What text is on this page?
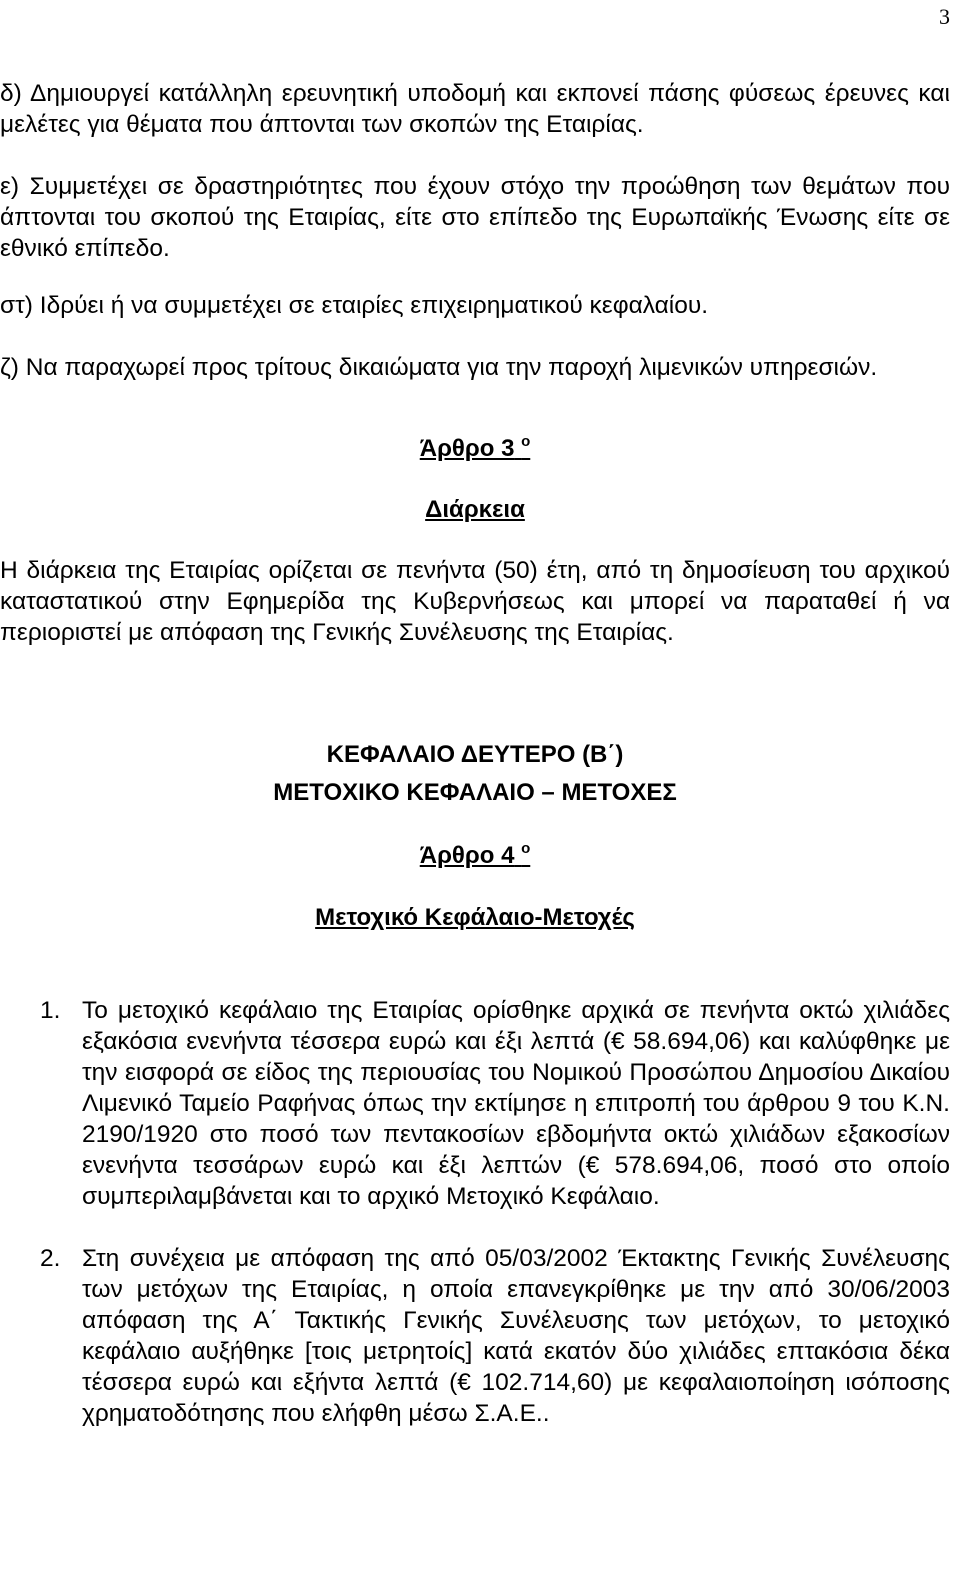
3

δ) Δημιουργεί κατάλληλη ερευνητική υποδομή και εκπονεί πάσης φύσεως έρευνες και μελέτες για θέματα που άπτονται των σκοπών της Εταιρίας.

ε) Συμμετέχει σε δραστηριότητες που έχουν στόχο την προώθηση των θεμάτων που άπτονται του σκοπού της Εταιρίας, είτε στο επίπεδο της Ευρωπαϊκής Ένωσης είτε σε εθνικό επίπεδο.

στ) Ιδρύει ή να συμμετέχει σε εταιρίες επιχειρηματικού κεφαλαίου.

ζ) Να παραχωρεί προς τρίτους δικαιώματα για την παροχή λιμενικών υπηρεσιών.

Άρθρο 3 $^o$

Διάρκεια

Η διάρκεια της Εταιρίας ορίζεται σε πενήντα (50) έτη, από τη δημοσίευση του αρχικού καταστατικού στην Εφημερίδα της Κυβερνήσεως και μπορεί να παραταθεί ή να περιοριστεί με απόφαση της Γενικής Συνέλευσης της Εταιρίας.

ΚΕΦΑΛΑΙΟ ΔΕΥΤΕΡΟ (Β΄)

ΜΕΤΟΧΙΚΟ ΚΕΦΑΛΑΙΟ – ΜΕΤΟΧΕΣ

Άρθρο 4 $^o$

Μετοχικό Κεφάλαιο-Μετοχές

1. Το μετοχικό κεφάλαιο της Εταιρίας ορίσθηκε αρχικά σε πενήντα οκτώ χιλιάδες εξακόσια ενενήντα τέσσερα ευρώ και έξι λεπτά (€ 58.694,06) και καλύφθηκε με την εισφορά σε είδος της περιουσίας του Νομικού Προσώπου Δημοσίου Δικαίου Λιμενικό Ταμείο Ραφήνας όπως την εκτίμησε η επιτροπή του άρθρου 9 του Κ.Ν. 2190/1920 στο ποσό των πεντακοσίων εβδομήντα οκτώ χιλιάδων εξακοσίων ενενήντα τεσσάρων ευρώ και έξι λεπτών (€ 578.694,06, ποσό στο οποίο συμπεριλαμβάνεται και το αρχικό Μετοχικό Κεφάλαιο.
2. Στη συνέχεια με απόφαση της από 05/03/2002 Έκτακτης Γενικής Συνέλευσης των μετόχων της Εταιρίας, η οποία επανεγκρίθηκε με την από 30/06/2003 απόφαση της Α΄ Τακτικής Γενικής Συνέλευσης των μετόχων, το μετοχικό κεφάλαιο αυξήθηκε [τοις μετρητοίς] κατά εκατόν δύο χιλιάδες επτακόσια δέκα τέσσερα ευρώ και εξήντα λεπτά (€ 102.714,60) με κεφαλαιοποίηση ισόποσης χρηματοδότησης που ελήφθη μέσω Σ.Α.Ε..
